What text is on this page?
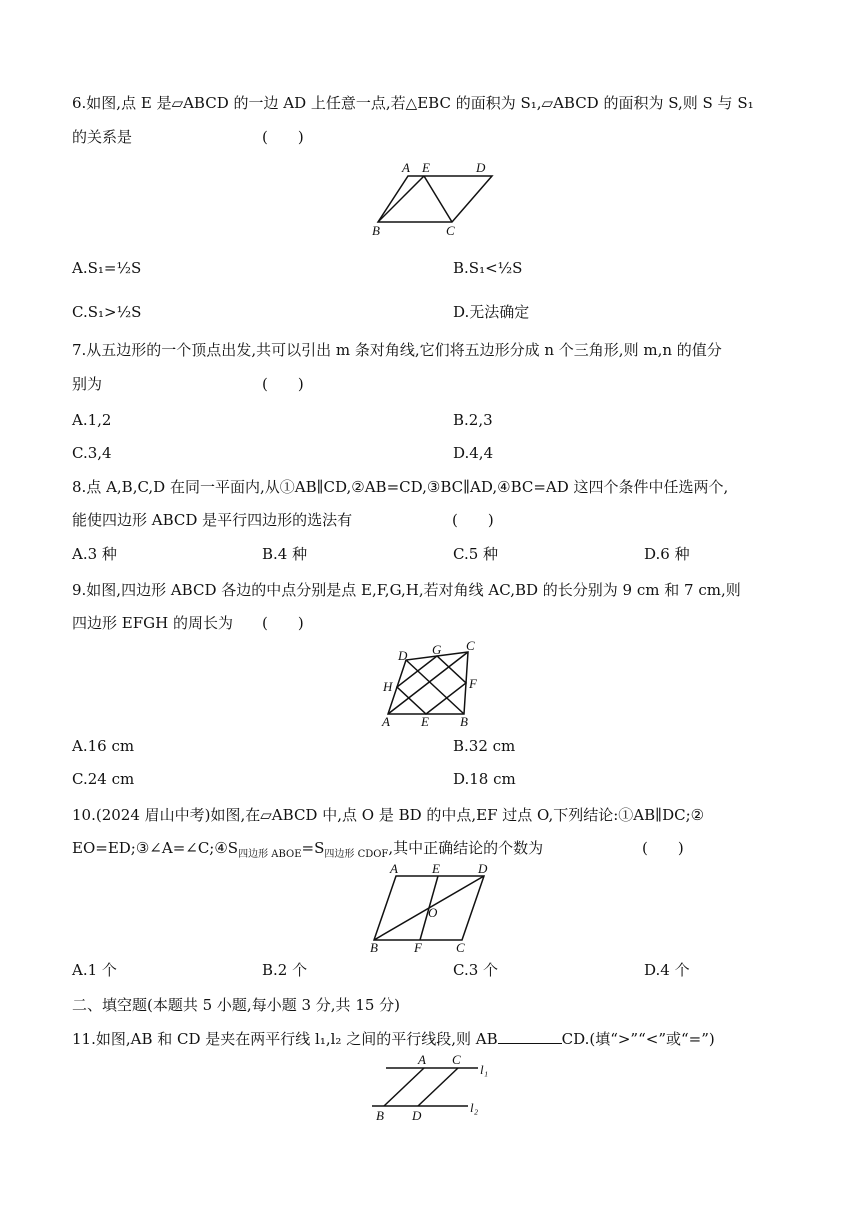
6.如图,点 E 是▱ABCD 的一边 AD 上任意一点,若△EBC 的面积为 S₁,▱ABCD 的面积为 S,则 S 与 S₁
的关系是	(　　)
A E	D
B	C
A.S₁=½S	B.S₁<½S
C.S₁>½S	D.无法确定
7.从五边形的一个顶点出发,共可以引出 m 条对角线,它们将五边形分成 n 个三角形,则 m,n 的值分
别为	(　　)
A.1,2	B.2,3
C.3,4	D.4,4
8.点 A,B,C,D 在同一平面内,从①AB∥CD,②AB=CD,③BC∥AD,④BC=AD 这四个条件中任选两个,
能使四边形 ABCD 是平行四边形的选法有	(　　)
A.3 种	B.4 种	C.5 种	D.6 种
9.如图,四边形 ABCD 各边的中点分别是点 E,F,G,H,若对角线 AC,BD 的长分别为 9 cm 和 7 cm,则
四边形 EFGH 的周长为 (　　)
D G C
H	F
A E B
A.16 cm	B.32 cm
C.24 cm	D.18 cm
10.(2024 眉山中考)如图,在▱ABCD 中,点 O 是 BD 的中点,EF 过点 O,下列结论:①AB∥DC;②
$EO=ED;③\angle A=\angle C;④S_{四边形 ABOE}=S_{四边形 CDOF}$,其中正确结论的个数为	(　　)
A	E	D
O
B	F	C
A.1 个	B.2 个	C.3 个	D.4 个
二、填空题(本题共 5 小题,每小题 3 分,共 15 分)
11.如图,AB 和 CD 是夹在两平行线 l₁,l₂ 之间的平行线段,则 AB	CD.(填“>”“<”或“=”)
A C
l₁
B D
l₂
